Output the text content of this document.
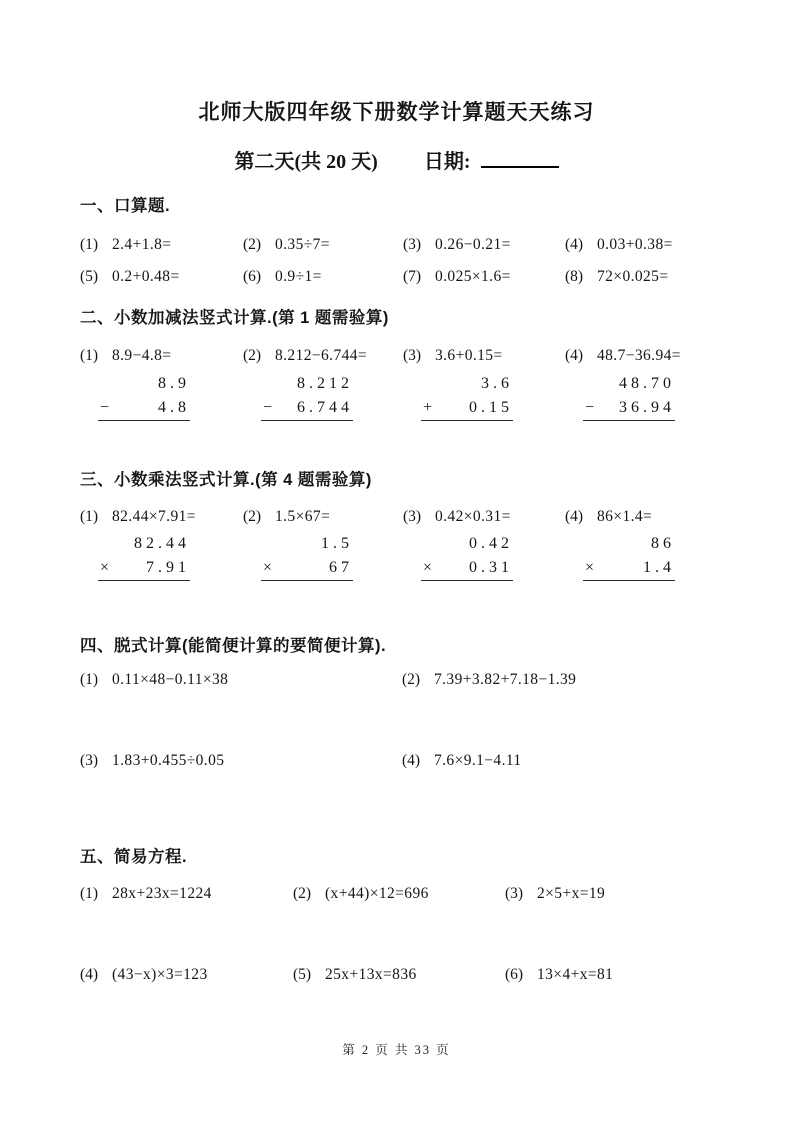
北师大版四年级下册数学计算题天天练习
第二天(共 20 天) 日期:
一、口算题.
(1) 2.4+1.8=	(2) 0.35÷7=	(3) 0.26−0.21=	(4) 0.03+0.38=
(5) 0.2+0.48=	(6) 0.9÷1=	(7) 0.025×1.6=	(8) 72×0.025=
二、小数加减法竖式计算.(第 1 题需验算)
(1) 8.9−4.8=	(2) 8.212−6.744=	(3) 3.6+0.15=	(4) 48.7−36.94=
8 . 9
−	4 . 8
8 . 2 1 2
− 6 . 7 4 4
3 . 6
+ 0 . 1 5
4 8 . 7 0
− 3 6 . 9 4
三、小数乘法竖式计算.(第 4 题需验算)
(1) 82.44×7.91=	(2) 1.5×67=	(3) 0.42×0.31=	(4) 86×1.4=
8 2 . 4 4
× 7 . 9 1
1 . 5
×	6 7
0 . 4 2
× 0 . 3 1
8 6
×	1 . 4
四、脱式计算(能简便计算的要简便计算).
(1) 0.11×48−0.11×38	(2) 7.39+3.82+7.18−1.39
(3) 1.83+0.455÷0.05	(4) 7.6×9.1−4.11
五、简易方程.
(1) 28x+23x=1224	(2) (x+44)×12=696	(3) 2×5+x=19
(4) (43−x)×3=123	(5) 25x+13x=836	(6) 13×4+x=81
第 2 页 共 33 页
